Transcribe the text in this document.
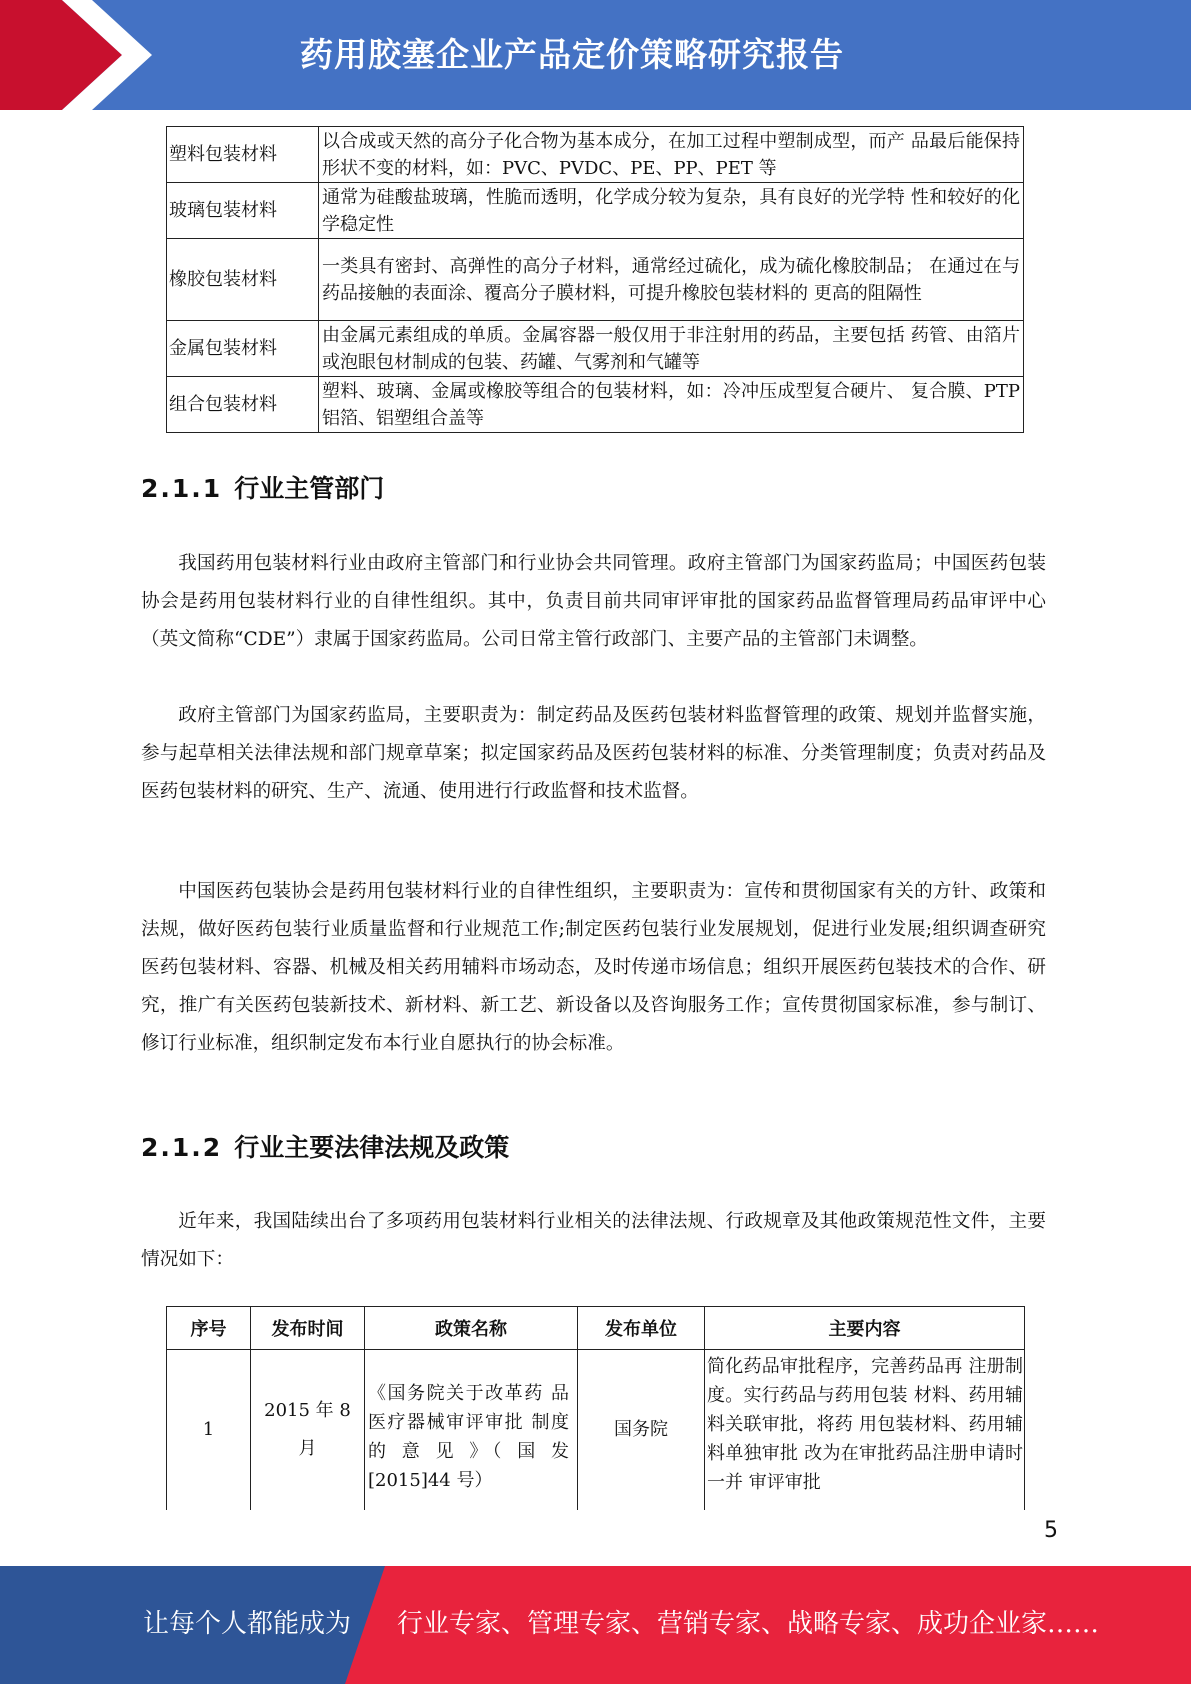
药用胶塞企业产品定价策略研究报告
塑料包装材料	以合成或天然的高分子化合物为基本成分，在加工过程中塑制成型，而产 品最后能保持形状不变的材料，如：PVC、PVDC、PE、PP、PET 等
玻璃包装材料	通常为硅酸盐玻璃，性脆而透明，化学成分较为复杂，具有良好的光学特 性和较好的化学稳定性
橡胶包装材料	一类具有密封、高弹性的高分子材料，通常经过硫化，成为硫化橡胶制品； 在通过在与药品接触的表面涂、覆高分子膜材料，可提升橡胶包装材料的 更高的阻隔性
金属包装材料	由金属元素组成的单质。金属容器一般仅用于非注射用的药品，主要包括 药管、由箔片或泡眼包材制成的包装、药罐、气雾剂和气罐等
组合包装材料	塑料、玻璃、金属或橡胶等组合的包装材料，如：冷冲压成型复合硬片、 复合膜、PTP 铝箔、铝塑组合盖等
2.1.1 行业主管部门
我国药用包装材料行业由政府主管部门和行业协会共同管理。政府主管部门为国家药监局；中国医药包装协会是药用包装材料行业的自律性组织。其中，负责目前共同审评审批的国家药品监督管理局药品审评中心（英文简称“CDE”）隶属于国家药监局。公司日常主管行政部门、主要产品的主管部门未调整。
政府主管部门为国家药监局，主要职责为：制定药品及医药包装材料监督管理的政策、规划并监督实施，参与起草相关法律法规和部门规章草案；拟定国家药品及医药包装材料的标准、分类管理制度；负责对药品及医药包装材料的研究、生产、流通、使用进行行政监督和技术监督。
中国医药包装协会是药用包装材料行业的自律性组织，主要职责为：宣传和贯彻国家有关的方针、政策和法规，做好医药包装行业质量监督和行业规范工作;制定医药包装行业发展规划，促进行业发展;组织调查研究医药包装材料、容器、机械及相关药用辅料市场动态，及时传递市场信息；组织开展医药包装技术的合作、研究，推广有关医药包装新技术、新材料、新工艺、新设备以及咨询服务工作；宣传贯彻国家标准，参与制订、修订行业标准，组织制定发布本行业自愿执行的协会标准。
2.1.2 行业主要法律法规及政策
近年来，我国陆续出台了多项药用包装材料行业相关的法律法规、行政规章及其他政策规范性文件，主要情况如下：
序号	发布时间	政策名称	发布单位	主要内容
1	2015 年 8 月	《国务院关于改革药 品医疗器械审评审批 制度的 意 见 》（ 国 发[2015]44 号）	国务院	简化药品审批程序，完善药品再 注册制度。实行药品与药用包装 材料、药用辅料关联审批，将药 用包装材料、药用辅料单独审批 改为在审批药品注册申请时一并 审评审批
5
让每个人都能成为 行业专家、管理专家、营销专家、战略专家、成功企业家……
